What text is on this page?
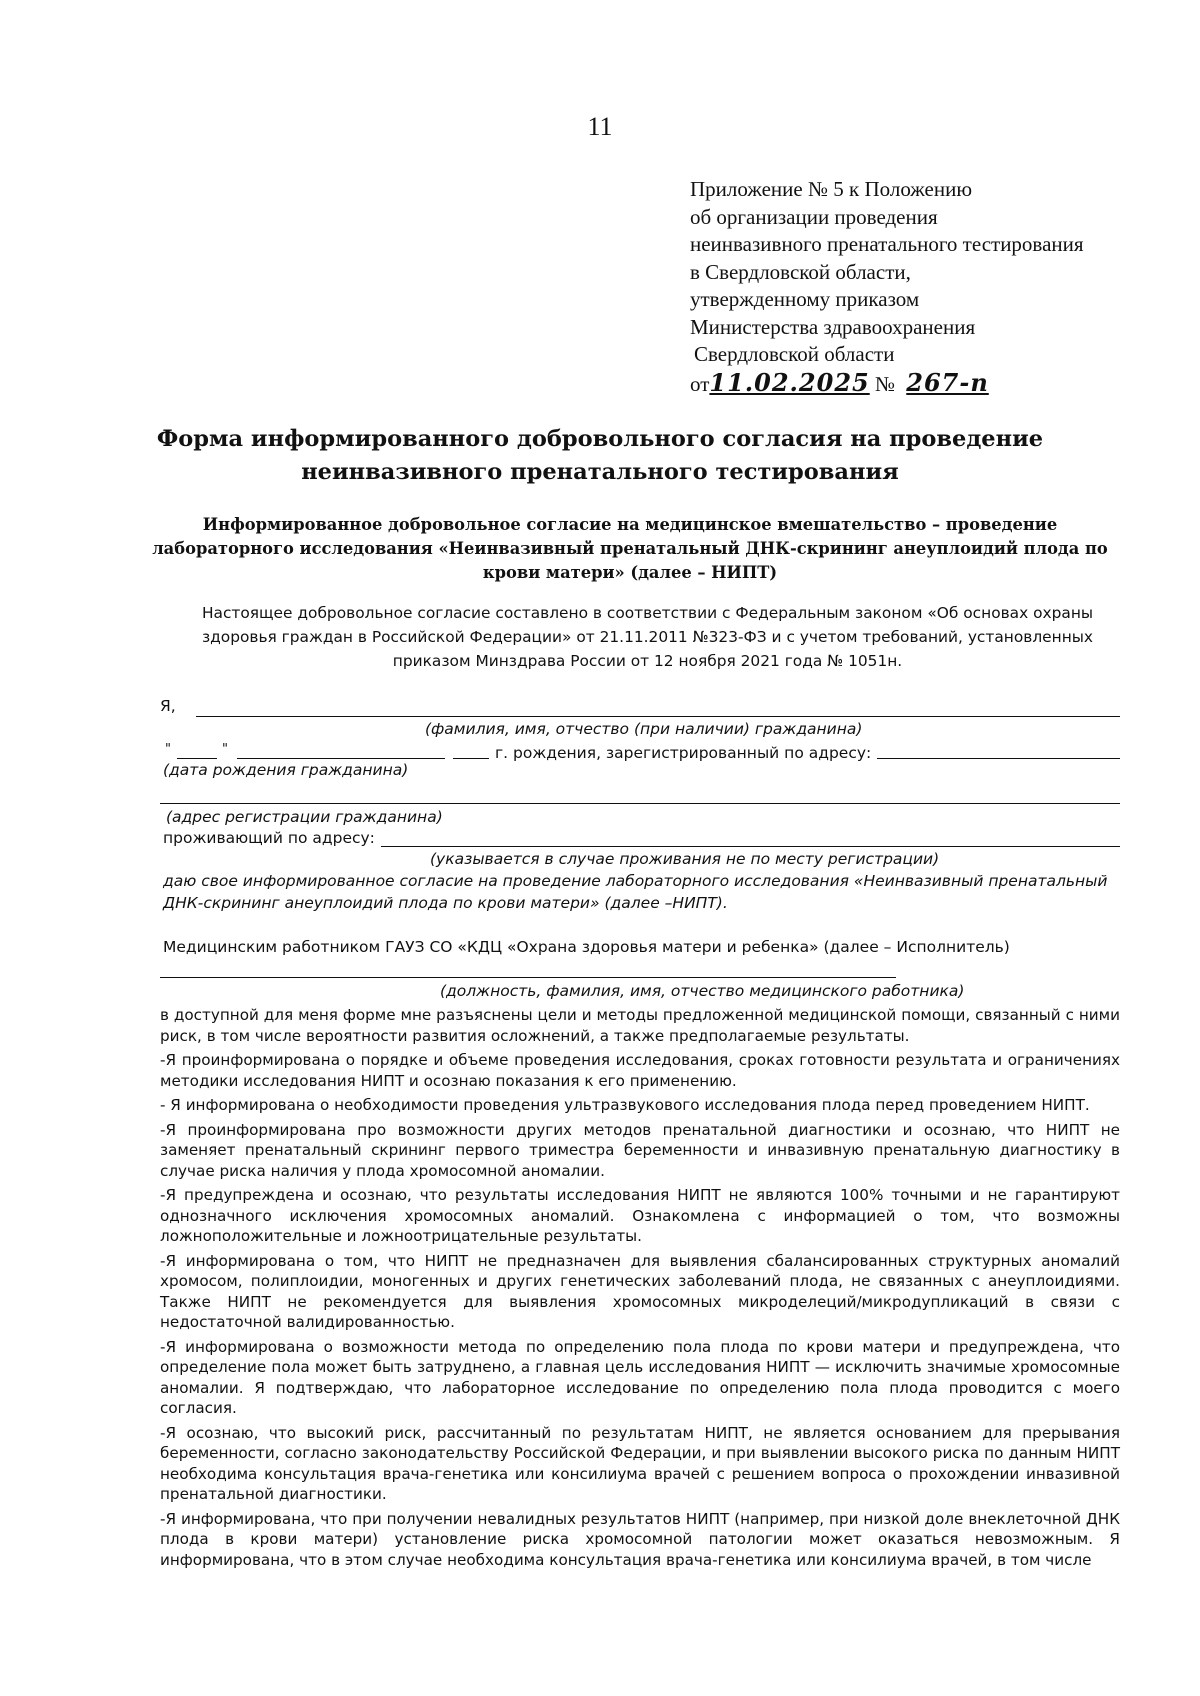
11
Приложение № 5 к Положению
об организации проведения
неинвазивного пренатального тестирования
в Свердловской области,
утвержденному приказом
Министерства здравоохранения
Свердловской области
от11.02.2025 № 267-п
Форма информированного добровольного согласия на проведение
неинвазивного пренатального тестирования
Информированное добровольное согласие на медицинское вмешательство – проведение лабораторного исследования «Неинвазивный пренатальный ДНК-скрининг анеуплоидий плода по крови матери» (далее – НИПТ)
Настоящее добровольное согласие составлено в соответствии с Федеральным законом «Об основах охраны здоровья граждан в Российской Федерации» от 21.11.2011 №323-ФЗ и с учетом требований, установленных приказом Минздрава России от 12 ноября 2021 года № 1051н.
Я,
(фамилия, имя, отчество (при наличии) гражданина)
"	"	г. рождения, зарегистрированный по адресу:
(дата рождения гражданина)
(адрес регистрации гражданина)
проживающий по адресу:
(указывается в случае проживания не по месту регистрации)
даю свое информированное согласие на проведение лабораторного исследования «Неинвазивный пренатальный
ДНК-скрининг анеуплоидий плода по крови матери» (далее –НИПТ).
Медицинским работником ГАУЗ СО «КДЦ «Охрана здоровья матери и ребенка» (далее – Исполнитель)
(должность, фамилия, имя, отчество медицинского работника)

в доступной для меня форме мне разъяснены цели и методы предложенной медицинской помощи, связанный с ними риск, в том числе вероятности развития осложнений, а также предполагаемые результаты.

-Я проинформирована о порядке и объеме проведения исследования, сроках готовности результата и ограничениях методики исследования НИПТ и осознаю показания к его применению.

- Я информирована о необходимости проведения ультразвукового исследования плода перед проведением НИПТ.

-Я проинформирована про возможности других методов пренатальной диагностики и осознаю, что НИПТ не заменяет пренатальный скрининг первого триместра беременности и инвазивную пренатальную диагностику в случае риска наличия у плода хромосомной аномалии.

-Я предупреждена и осознаю, что результаты исследования НИПТ не являются 100% точными и не гарантируют однозначного исключения хромосомных аномалий. Ознакомлена с информацией о том, что возможны ложноположительные и ложноотрицательные результаты.

-Я информирована о том, что НИПТ не предназначен для выявления сбалансированных структурных аномалий хромосом, полиплоидии, моногенных и других генетических заболеваний плода, не связанных с анеуплоидиями. Также НИПТ не рекомендуется для выявления хромосомных микроделеций/микродупликаций в связи с недостаточной валидированностью.

-Я информирована о возможности метода по определению пола плода по крови матери и предупреждена, что определение пола может быть затруднено, а главная цель исследования НИПТ — исключить значимые хромосомные аномалии. Я подтверждаю, что лабораторное исследование по определению пола плода проводится с моего согласия.

-Я осознаю, что высокий риск, рассчитанный по результатам НИПТ, не является основанием для прерывания беременности, согласно законодательству Российской Федерации, и при выявлении высокого риска по данным НИПТ необходима консультация врача-генетика или консилиума врачей с решением вопроса о прохождении инвазивной пренатальной диагностики.

-Я информирована, что при получении невалидных результатов НИПТ (например, при низкой доле внеклеточной ДНК плода в крови матери) установление риска хромосомной патологии может оказаться невозможным. Я информирована, что в этом случае необходима консультация врача-генетика или консилиума врачей, в том числе
